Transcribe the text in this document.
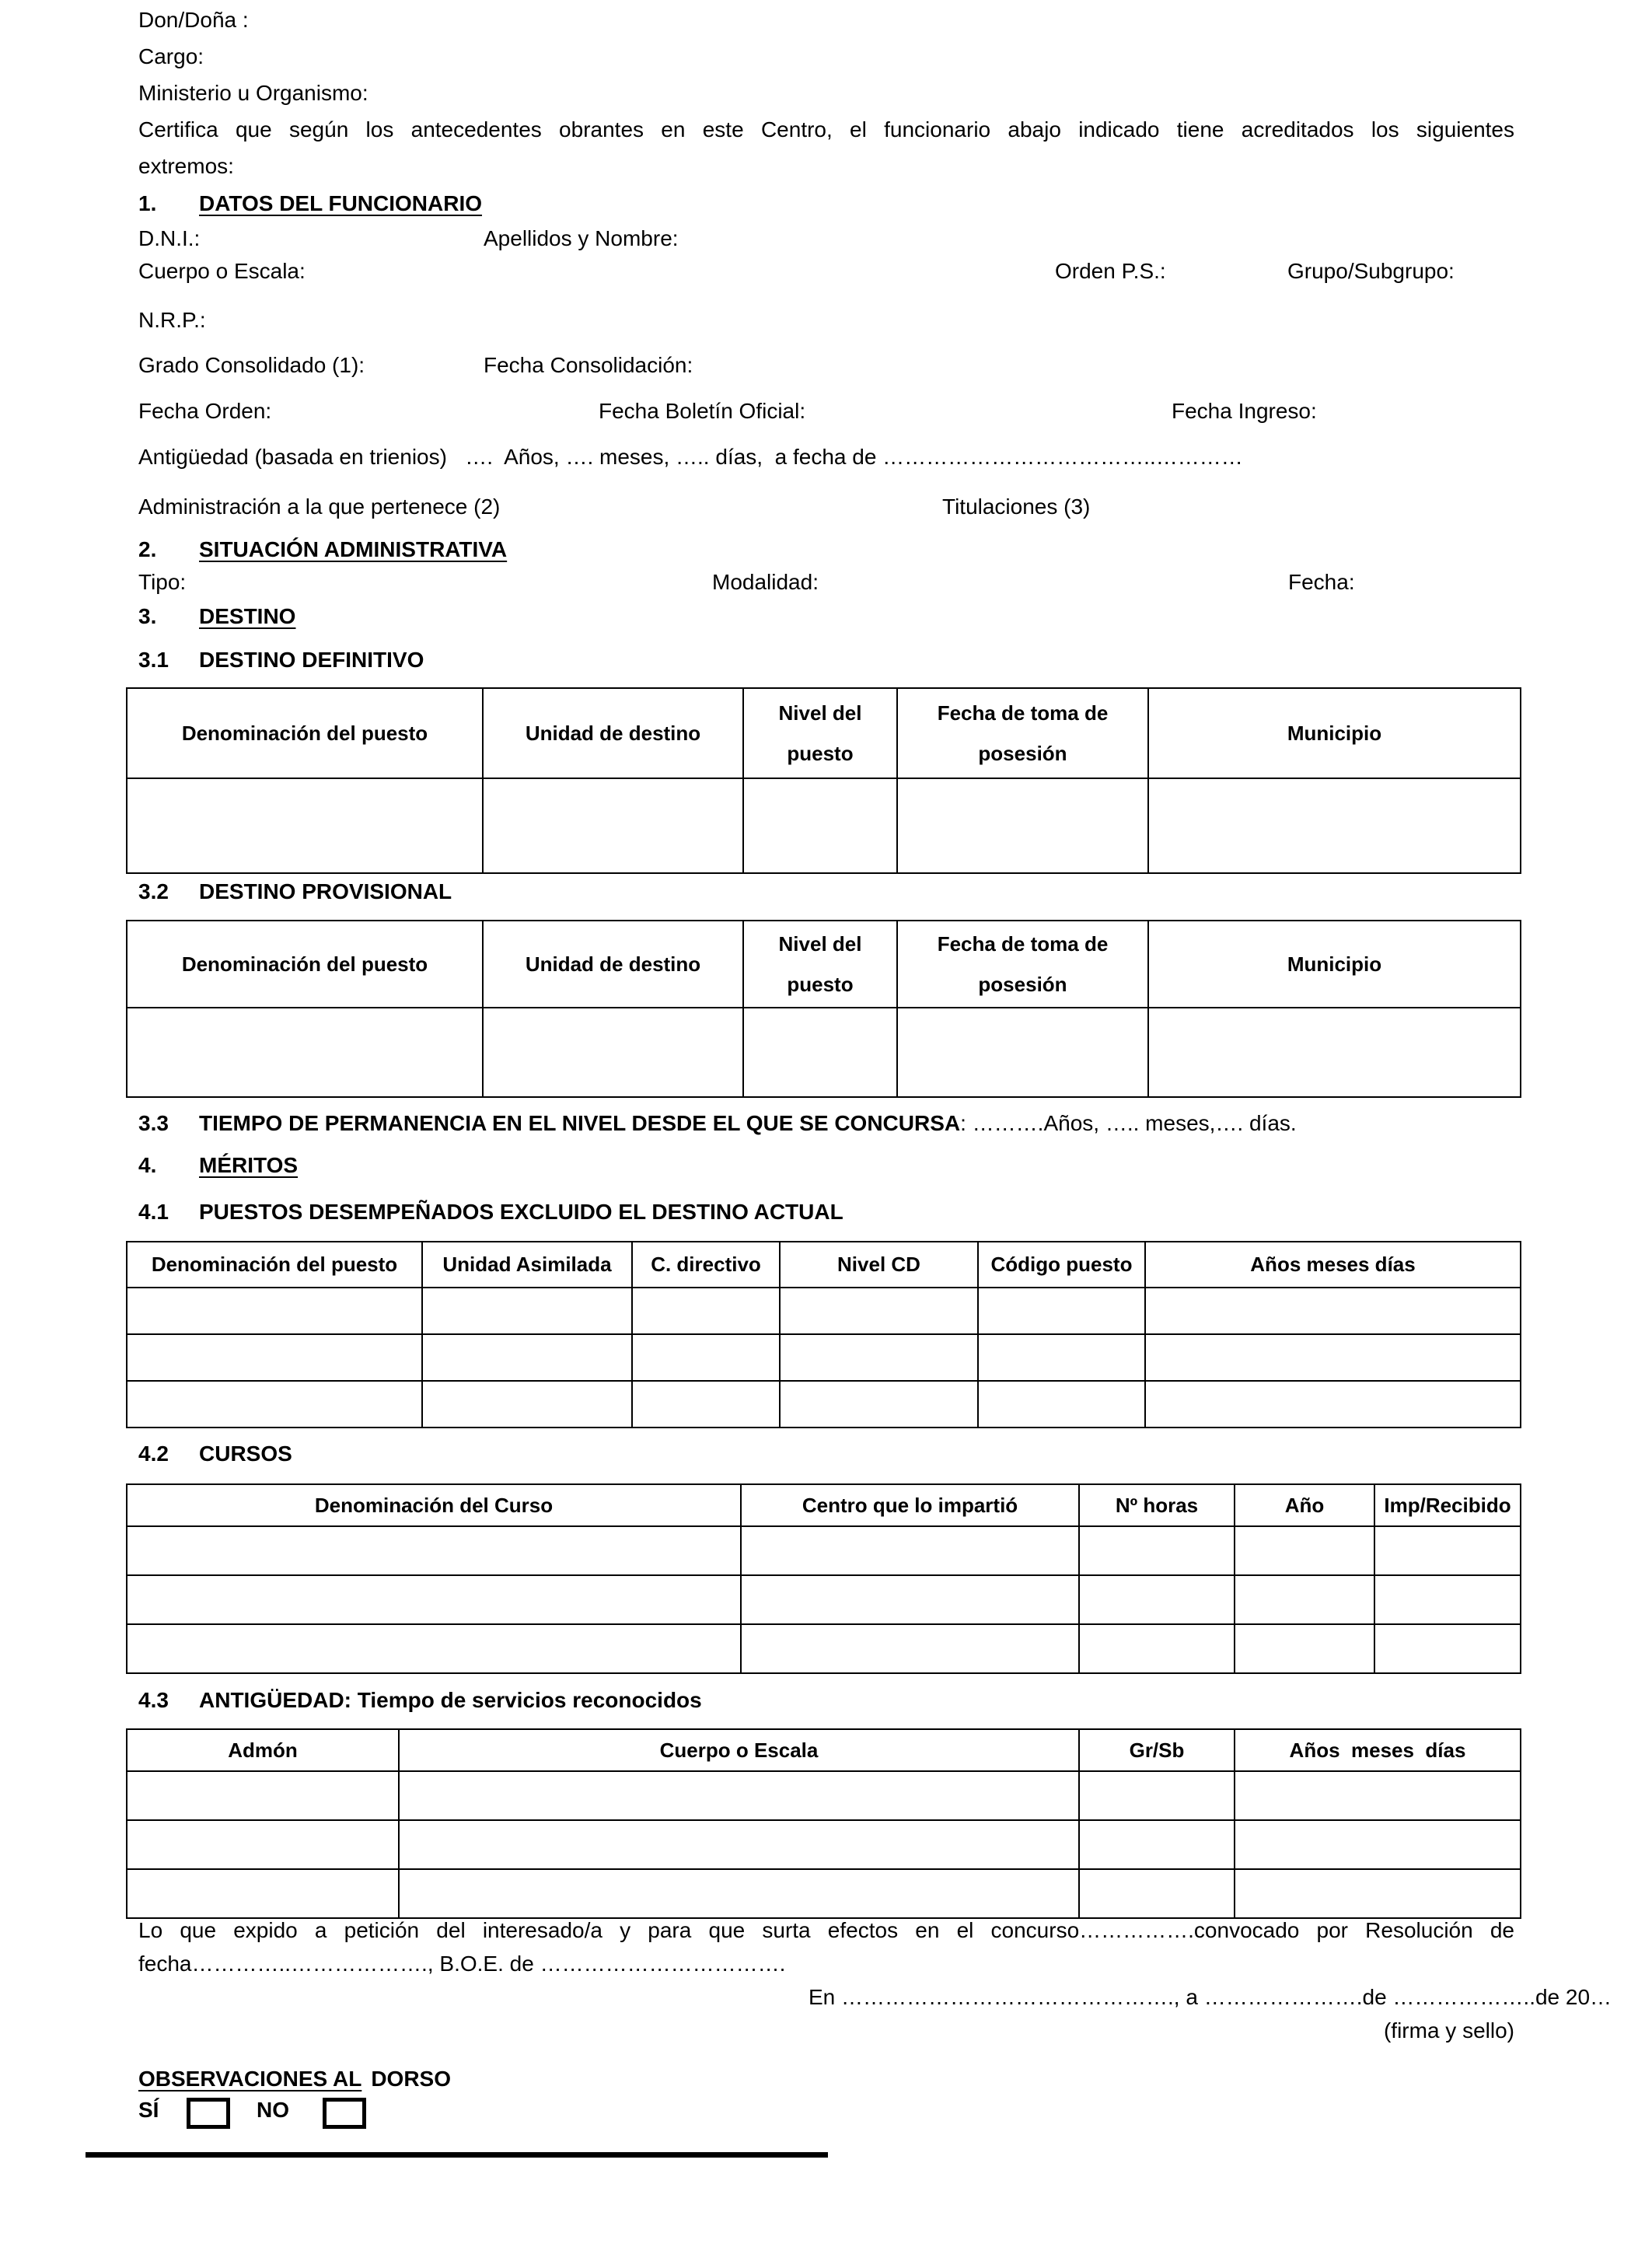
Don/Doña :
Cargo:
Ministerio u Organismo:
Certifica que según los antecedentes obrantes en este Centro, el funcionario abajo indicado tiene acreditados los siguientes
extremos:
1. DATOS DEL FUNCIONARIO

D.N.I.:

	Apellidos y Nombre:

Cuerpo o Escala:

	Orden P.S.:

	Grupo/Subgrupo:

N.R.P.:

Grado Consolidado (1):

	Fecha Consolidación:

Fecha Orden:

	Fecha Boletín Oficial:

	Fecha Ingreso:

Antigüedad (basada en trienios)   ….  Años, …. meses, ….. días,  a fecha de ………………………………..…………

Administración a la que pertenece (2)

	Titulaciones (3)

2. SITUACIÓN ADMINISTRATIVA

Tipo:

	Modalidad:

	Fecha:

3. DESTINO
3.1 DESTINO DEFINITIVO
Denominación del puesto	Unidad de destino	Nivel del puesto	Fecha de toma de posesión	Municipio

3.2 DESTINO PROVISIONAL
Denominación del puesto	Unidad de destino	Nivel del puesto	Fecha de toma de posesión	Municipio

3.3 TIEMPO DE PERMANENCIA EN EL NIVEL DESDE EL QUE SE CONCURSA: ……….Años, ….. meses,…. días.
4. MÉRITOS
4.1 PUESTOS DESEMPEÑADOS EXCLUIDO EL DESTINO ACTUAL
Denominación del puesto	Unidad Asimilada	C. directivo	Nivel CD	Código puesto	Años meses días

4.2 CURSOS
Denominación del Curso	Centro que lo impartió	Nº horas	Año	Imp/Recibido

4.3 ANTIGÜEDAD: Tiempo de servicios reconocidos
Admón	Cuerpo o Escala	Gr/Sb	Años  meses  días

Lo que expido a petición del interesado/a y para que surta efectos en el concurso…………….convocado por Resolución de
fecha…………..………………., B.O.E. de …………………………….

En ………………………………………., a ………………….de ………………..de 20…

(firma y sello)

OBSERVACIONES AL DORSO

SÍ

	NO
